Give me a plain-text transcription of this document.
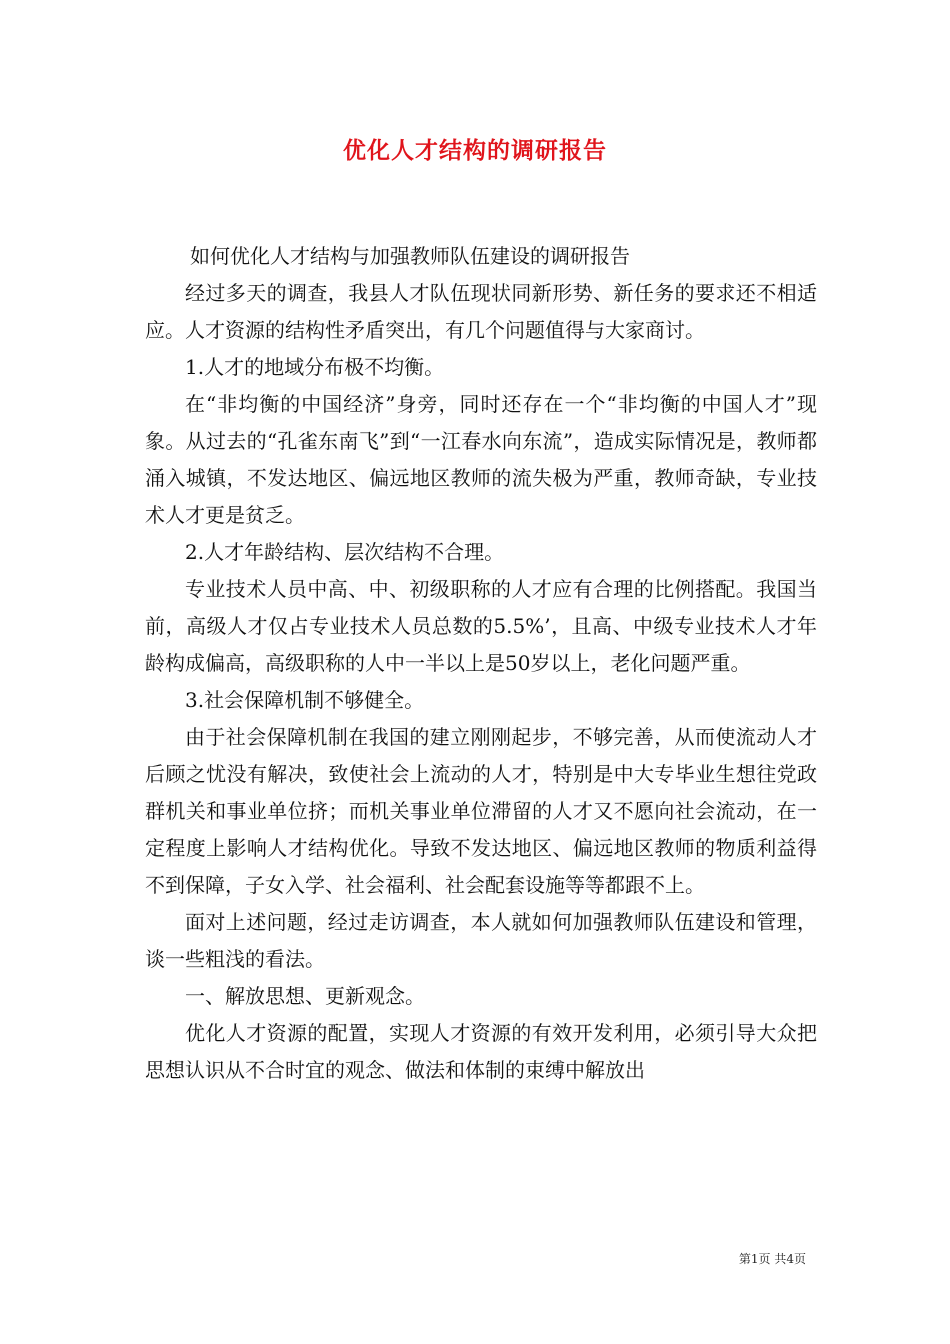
优化人才结构的调研报告

如何优化人才结构与加强教师队伍建设的调研报告

经过多天的调查，我县人才队伍现状同新形势、新任务的要求还不相适应。人才资源的结构性矛盾突出，有几个问题值得与大家商讨。

1.人才的地域分布极不均衡。

在“非均衡的中国经济”身旁，同时还存在一个“非均衡的中国人才”现象。从过去的“孔雀东南飞”到“一江春水向东流”，造成实际情况是，教师都涌入城镇，不发达地区、偏远地区教师的流失极为严重，教师奇缺，专业技术人才更是贫乏。

2.人才年龄结构、层次结构不合理。

专业技术人员中高、中、初级职称的人才应有合理的比例搭配。我国当前，高级人才仅占专业技术人员总数的5.5%’，且高、中级专业技术人才年龄构成偏高，高级职称的人中一半以上是50岁以上，老化问题严重。

3.社会保障机制不够健全。

由于社会保障机制在我国的建立刚刚起步，不够完善，从而使流动人才后顾之忧没有解决，致使社会上流动的人才，特别是中大专毕业生想往党政群机关和事业单位挤；而机关事业单位滞留的人才又不愿向社会流动，在一定程度上影响人才结构优化。导致不发达地区、偏远地区教师的物质利益得不到保障，子女入学、社会福利、社会配套设施等等都跟不上。

面对上述问题，经过走访调查，本人就如何加强教师队伍建设和管理，谈一些粗浅的看法。

一、解放思想、更新观念。

优化人才资源的配置，实现人才资源的有效开发利用，必须引导大众把思想认识从不合时宜的观念、做法和体制的束缚中解放出

第1页 共4页
